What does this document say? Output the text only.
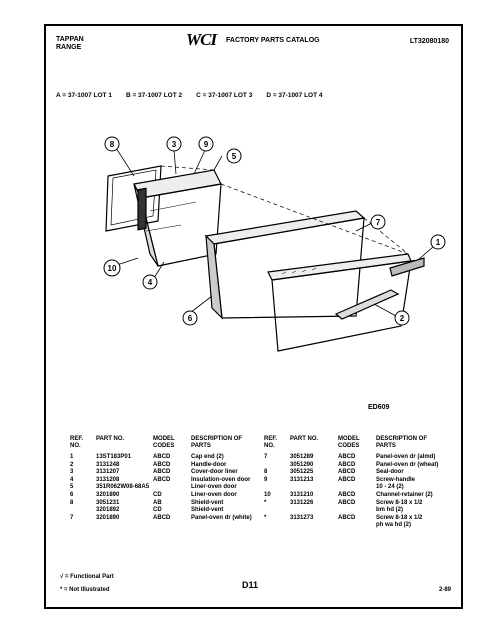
TAPPAN
RANGE	WCI FACTORY PARTS CATALOG	LT32080180
A = 37-1007 LOT 1 B = 37-1007 LOT 2 C = 37-1007 LOT 3 D = 37-1007 LOT 4
1
2
3
4
5
6
7
8	9
10
ED609
REF. NO.	PART NO.	MODEL CODES	DESCRIPTION OF PARTS
1	13ST183P01	ABCD	Cap end (2)
2	3131248	ABCD	Handle-door
3	3131207	ABCD	Cover-door liner
4	3131208	ABCD	Insulation-oven door
5	351R062W08-68A5		Liner-oven door
6	3201890	CD	Liner-oven door
8	3051231	AB	Shield-vent
	3201892	CD	Shield-vent
7	3201890	ABCD	Panel-oven dr (white)
REF. NO.	PART NO.	MODEL CODES	DESCRIPTION OF PARTS
7	3051289	ABCD	Panel-oven dr (almd)
	3051290	ABCD	Panel-oven dr (wheat)
8	3051225	ABCD	Seal-door
9	3131213	ABCD	Screw-handle
			10 - 24 (2)
10	3131210	ABCD	Channel-retainer (2)
*	3131226	ABCD	Screw 8-18 x 1/2
			bm hd (2)
*	3131273	ABCD	Screw 8-18 x 1/2
			ph wa hd (2)
√ = Functional Part
* = Not Illustrated	D11	2-89
